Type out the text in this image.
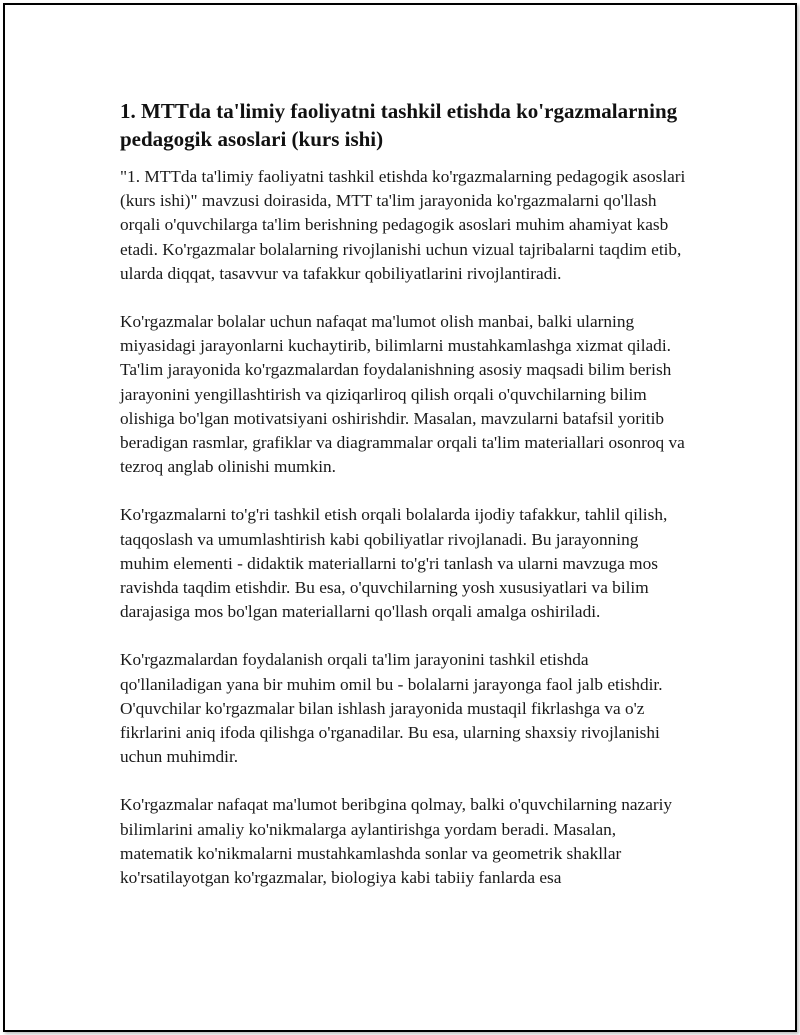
1. MTTda ta'limiy faoliyatni tashkil etishda ko'rgazmalarning pedagogik asoslari (kurs ishi)

"1. MTTda ta'limiy faoliyatni tashkil etishda ko'rgazmalarning pedagogik asoslari (kurs ishi)" mavzusi doirasida, MTT ta'lim jarayonida ko'rgazmalarni qo'llash orqali o'quvchilarga ta'lim berishning pedagogik asoslari muhim ahamiyat kasb etadi. Ko'rgazmalar bolalarning rivojlanishi uchun vizual tajribalarni taqdim etib, ularda diqqat, tasavvur va tafakkur qobiliyatlarini rivojlantiradi.

Ko'rgazmalar bolalar uchun nafaqat ma'lumot olish manbai, balki ularning miyasidagi jarayonlarni kuchaytirib, bilimlarni mustahkamlashga xizmat qiladi. Ta'lim jarayonida ko'rgazmalardan foydalanishning asosiy maqsadi bilim berish jarayonini yengillashtirish va qiziqarliroq qilish orqali o'quvchilarning bilim olishiga bo'lgan motivatsiyani oshirishdir. Masalan, mavzularni batafsil yoritib beradigan rasmlar, grafiklar va diagrammalar orqali ta'lim materiallari osonroq va tezroq anglab olinishi mumkin.

Ko'rgazmalarni to'g'ri tashkil etish orqali bolalarda ijodiy tafakkur, tahlil qilish, taqqoslash va umumlashtirish kabi qobiliyatlar rivojlanadi. Bu jarayonning muhim elementi - didaktik materiallarni to'g'ri tanlash va ularni mavzuga mos ravishda taqdim etishdir. Bu esa, o'quvchilarning yosh xususiyatlari va bilim darajasiga mos bo'lgan materiallarni qo'llash orqali amalga oshiriladi.

Ko'rgazmalardan foydalanish orqali ta'lim jarayonini tashkil etishda qo'llaniladigan yana bir muhim omil bu - bolalarni jarayonga faol jalb etishdir. O'quvchilar ko'rgazmalar bilan ishlash jarayonida mustaqil fikrlashga va o'z fikrlarini aniq ifoda qilishga o'rganadilar. Bu esa, ularning shaxsiy rivojlanishi uchun muhimdir.

Ko'rgazmalar nafaqat ma'lumot beribgina qolmay, balki o'quvchilarning nazariy bilimlarini amaliy ko'nikmalarga aylantirishga yordam beradi. Masalan, matematik ko'nikmalarni mustahkamlashda sonlar va geometrik shakllar ko'rsatilayotgan ko'rgazmalar, biologiya kabi tabiiy fanlarda esa
